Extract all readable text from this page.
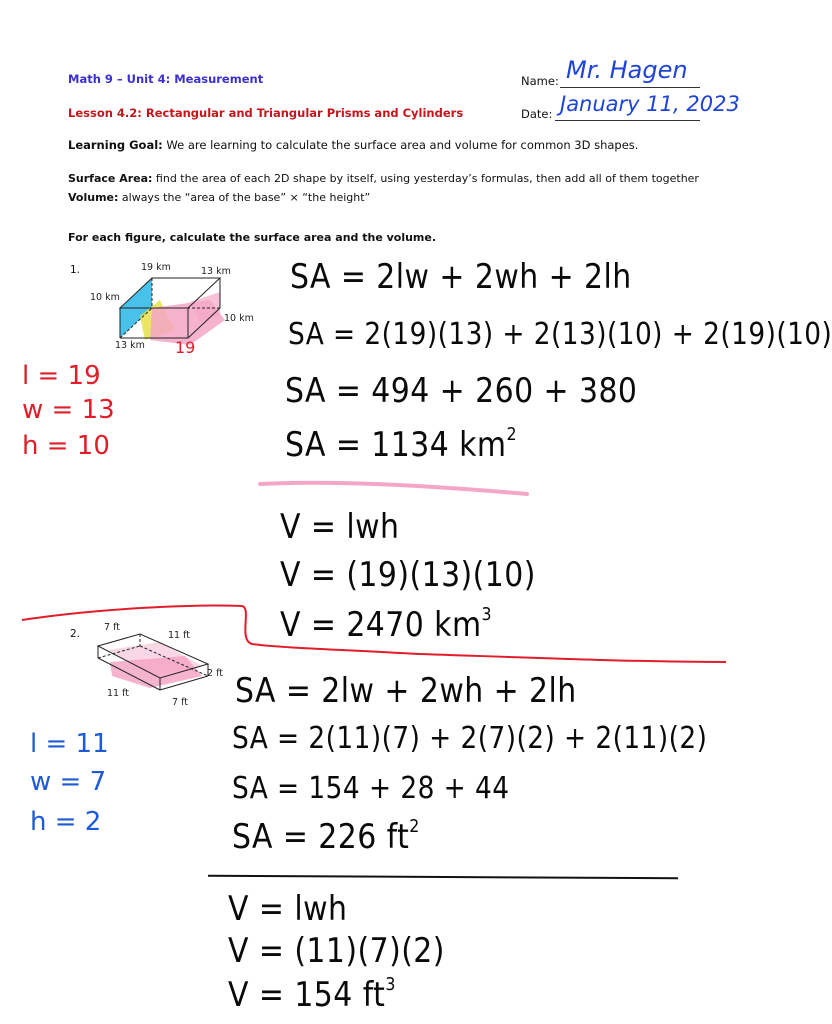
Math 9 – Unit 4: Measurement
Lesson 4.2: Rectangular and Triangular Prisms and Cylinders
Name: Mr. Hagen
Date: January 11, 2023
Learning Goal: We are learning to calculate the surface area and volume for common 3D shapes.
Surface Area: find the area of each 2D shape by itself, using yesterday’s formulas, then add all of them together
Volume: always the “area of the base” × “the height”
For each figure, calculate the surface area and the volume.
1.	19 km	13 km
10 km
10 km
13 km 19
l = 19
w = 13
h = 10
SA = 2lw + 2wh + 2lh
SA = 2(19)(13) + 2(13)(10) + 2(19)(10)
SA = 494 + 260 + 380
SA = 1134 $km^2$
V = lwh
V = (19)(13)(10)
V = 2470 $km^3$
2.
7 ft
11 ft
2 ft
11 ft
7 ft
l = 11
w = 7
h = 2
SA = 2lw + 2wh + 2lh
SA = 2(11)(7) + 2(7)(2) + 2(11)(2)
SA = 154 + 28 + 44
SA = 226 $ft^2$
V = lwh
V = (11)(7)(2)
V = 154 $ft^3$
